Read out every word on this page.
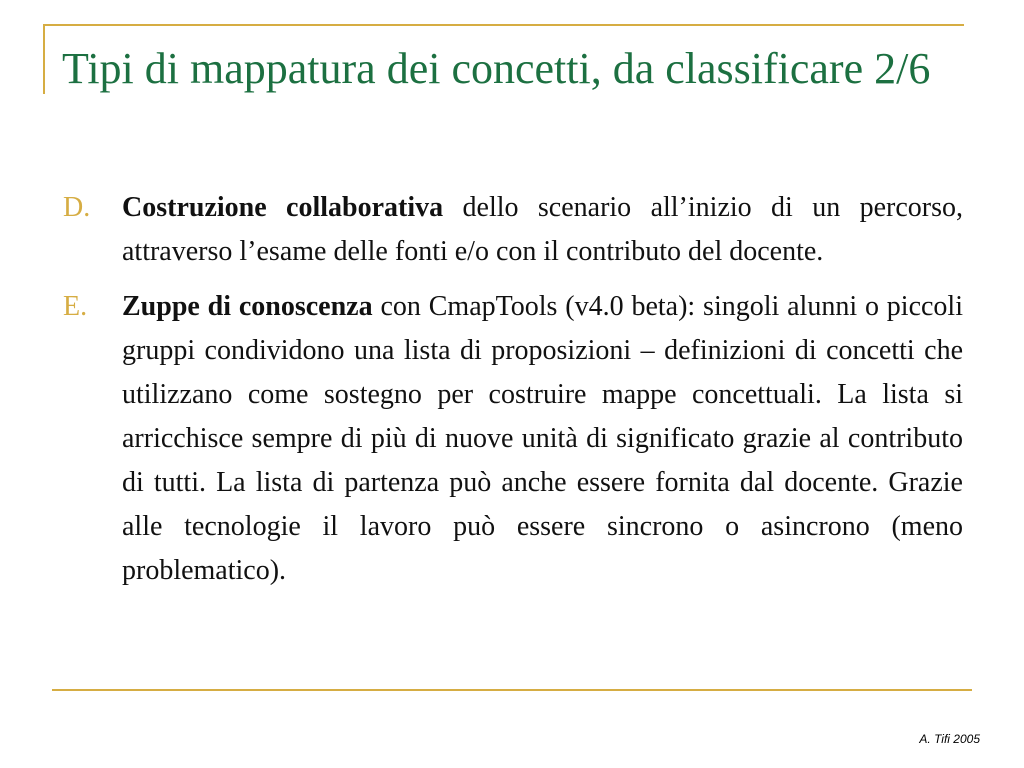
Tipi di mappatura dei concetti, da classificare 2/6
D.	Costruzione collaborativa dello scenario all’inizio di un percorso, attraverso l’esame delle fonti e/o con il contributo del docente.
E.	Zuppe di conoscenza con CmapTools (v4.0 beta): singoli alunni o piccoli gruppi condividono una lista di proposizioni – definizioni di concetti che utilizzano come sostegno per costruire mappe concettuali. La lista si arricchisce sempre di più di nuove unità di significato grazie al contributo di tutti. La lista di partenza può anche essere fornita dal docente. Grazie alle tecnologie il lavoro può essere sincrono o asincrono (meno problematico).
A. Tifi 2005
